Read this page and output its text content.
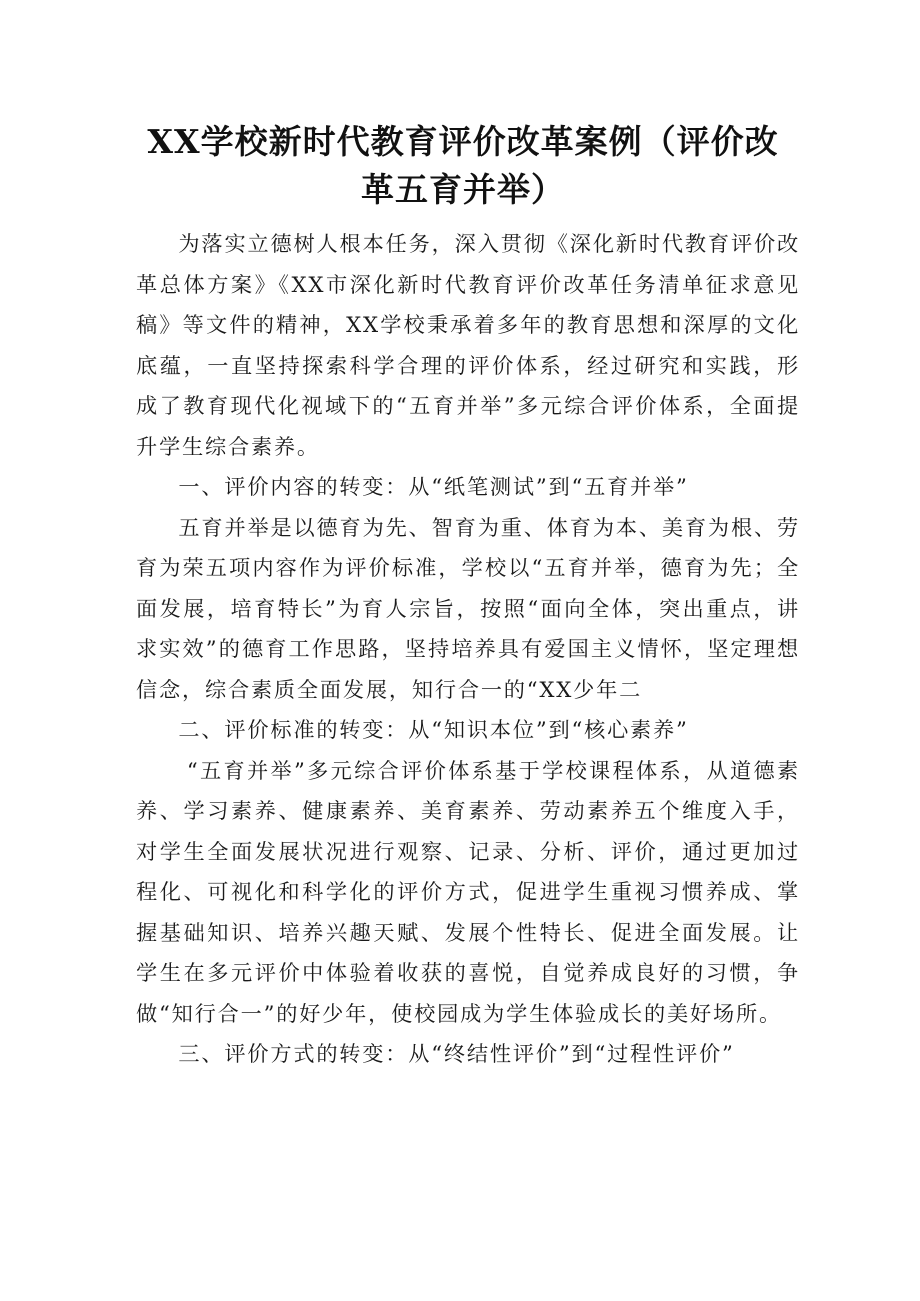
XX学校新时代教育评价改革案例（评价改
革五育并举）

为落实立德树人根本任务，深入贯彻《深化新时代教育评价改革总体方案》《XX市深化新时代教育评价改革任务清单征求意见稿》等文件的精神，XX学校秉承着多年的教育思想和深厚的文化底蕴，一直坚持探索科学合理的评价体系，经过研究和实践，形成了教育现代化视域下的“五育并举”多元综合评价体系，全面提升学生综合素养。

一、评价内容的转变：从“纸笔测试”到“五育并举”

五育并举是以德育为先、智育为重、体育为本、美育为根、劳育为荣五项内容作为评价标准，学校以“五育并举，德育为先；全面发展，培育特长”为育人宗旨，按照“面向全体，突出重点，讲求实效”的德育工作思路，坚持培养具有爱国主义情怀，坚定理想信念，综合素质全面发展，知行合一的“XX少年二

二、评价标准的转变：从“知识本位”到“核心素养”

“五育并举”多元综合评价体系基于学校课程体系，从道德素养、学习素养、健康素养、美育素养、劳动素养五个维度入手，对学生全面发展状况进行观察、记录、分析、评价，通过更加过程化、可视化和科学化的评价方式，促进学生重视习惯养成、掌握基础知识、培养兴趣天赋、发展个性特长、促进全面发展。让学生在多元评价中体验着收获的喜悦，自觉养成良好的习惯，争做“知行合一”的好少年，使校园成为学生体验成长的美好场所。

三、评价方式的转变：从“终结性评价”到“过程性评价”
